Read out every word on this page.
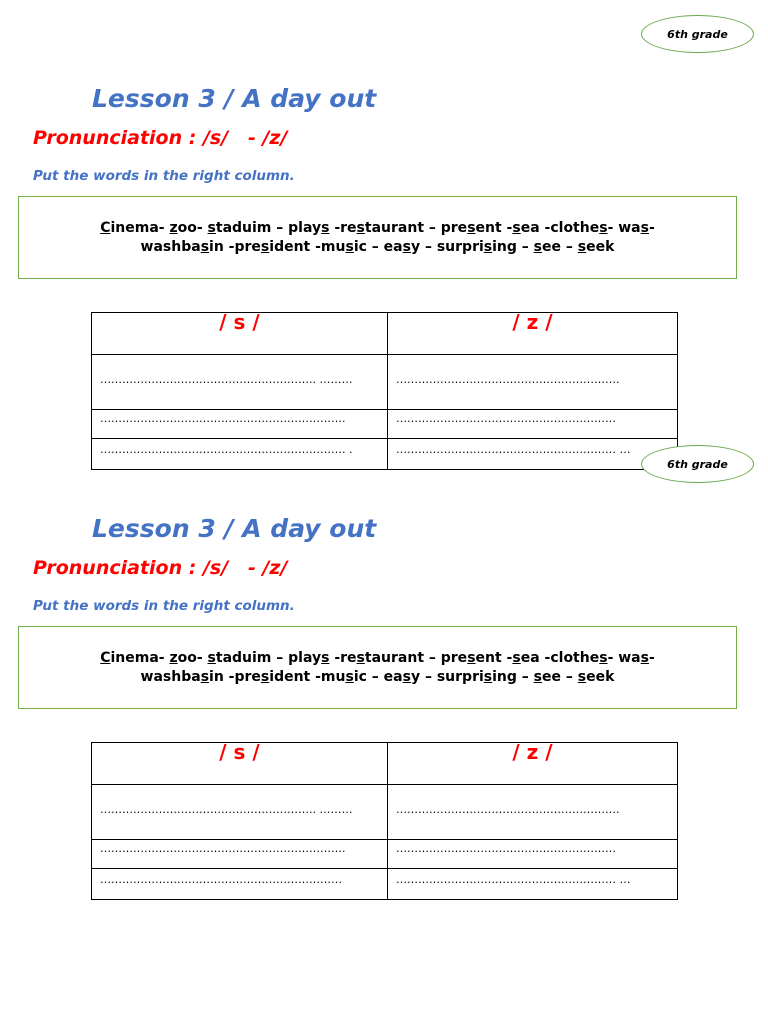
6th grade
Lesson 3 / A day out
Pronunciation : /s/   - /z/

Put the words in the right column.

Cinema- zoo- staduim – plays -restaurant – present -sea -clothes- was-
washbasin -president -music – easy – surprising – see – seek
/ s /	/ z /
………………………………………………….. ………	…………………………………………………….
………………………………………………………….	……………………………………………………
…………………………………………………………. .	…………………………………………………… …
6th grade
Lesson 3 / A day out
Pronunciation : /s/   - /z/

Put the words in the right column.

Cinema- zoo- staduim – plays -restaurant – present -sea -clothes- was-
washbasin -president -music – easy – surprising – see – seek
/ s /	/ z /
………………………………………………….. ………	…………………………………………………….
………………………………………………………….	……………………………………………………
…………………………………………………………	…………………………………………………… …
